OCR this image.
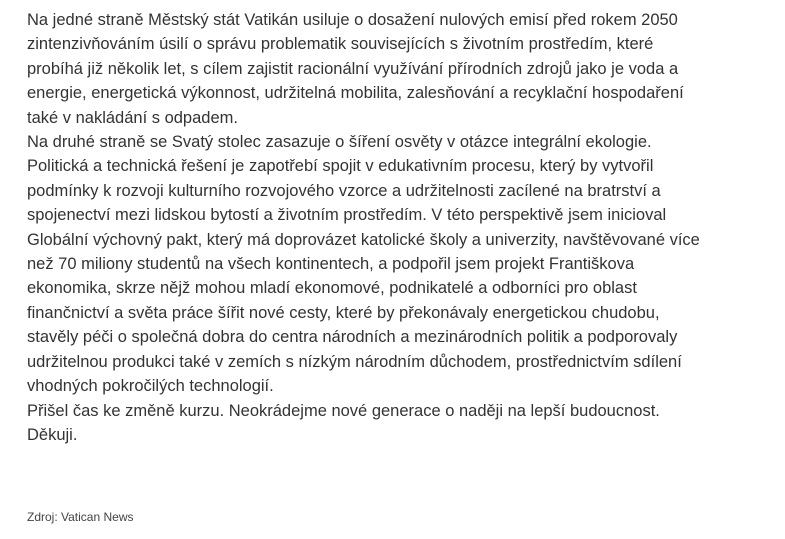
Na jedné straně Městský stát Vatikán usiluje o dosažení nulových emisí před rokem 2050
zintenzivňováním úsilí o správu problematik souvisejících s životním prostředím, které
probíhá již několik let, s cílem zajistit racionální využívání přírodních zdrojů jako je voda a
energie, energetická výkonnost, udržitelná mobilita, zalesňování a recyklační hospodaření
také v nakládání s odpadem.

Na druhé straně se Svatý stolec zasazuje o šíření osvěty v otázce integrální ekologie.
Politická a technická řešení je zapotřebí spojit v edukativním procesu, který by vytvořil
podmínky k rozvoji kulturního rozvojového vzorce a udržitelnosti zacílené na bratrství a
spojenectví mezi lidskou bytostí a životním prostředím. V této perspektivě jsem inicioval
Globální výchovný pakt, který má doprovázet katolické školy a univerzity, navštěvované více
než 70 miliony studentů na všech kontinentech, a podpořil jsem projekt Františkova
ekonomika, skrze nějž mohou mladí ekonomové, podnikatelé a odborníci pro oblast
finančnictví a světa práce šířit nové cesty, které by překonávaly energetickou chudobu,
stavěly péči o společná dobra do centra národních a mezinárodních politik a podporovaly
udržitelnou produkci také v zemích s nízkým národním důchodem, prostřednictvím sdílení
vhodných pokročilých technologií.

Přišel čas ke změně kurzu. Neokrádejme nové generace o naději na lepší budoucnost.

Děkuji.

Zdroj: Vatican News
